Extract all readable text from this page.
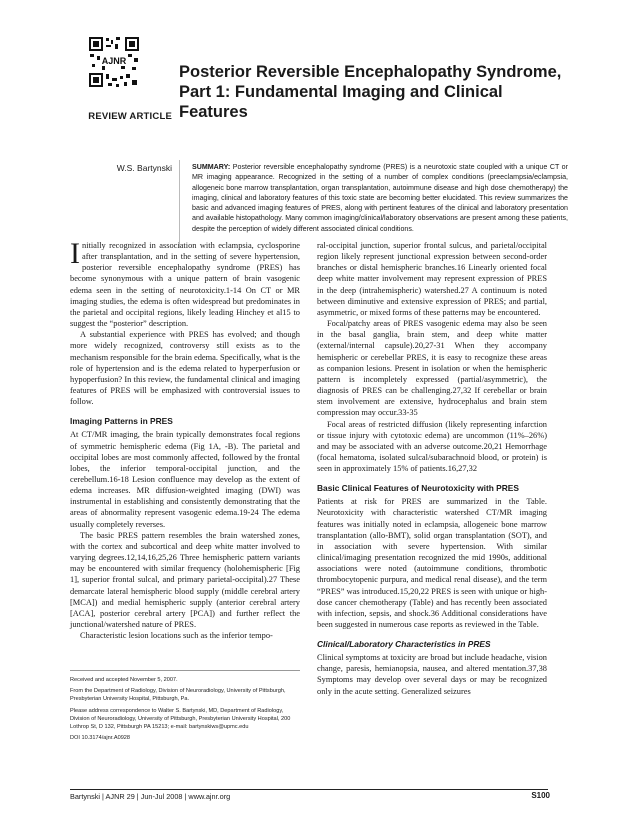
AJNR
REVIEW ARTICLE
W.S. Bartynski
Posterior Reversible Encephalopathy Syndrome, Part 1: Fundamental Imaging and Clinical Features

SUMMARY: Posterior reversible encephalopathy syndrome (PRES) is a neurotoxic state coupled with a unique CT or MR imaging appearance. Recognized in the setting of a number of complex conditions (preeclampsia/eclampsia, allogeneic bone marrow transplantation, organ transplantation, autoimmune disease and high dose chemotherapy) the imaging, clinical and laboratory features of this toxic state are becoming better elucidated. This review summarizes the basic and advanced imaging features of PRES, along with pertinent features of the clinical and laboratory presentation and available histopathology. Many common imaging/clinical/laboratory observations are present among these patients, despite the perception of widely different associated clinical conditions.

Initially recognized in association with eclampsia, cyclosporine after transplantation, and in the setting of severe hypertension, posterior reversible encephalopathy syndrome (PRES) has become synonymous with a unique pattern of brain vasogenic edema seen in the setting of neurotoxicity.1-14 On CT or MR imaging studies, the edema is often widespread but predominates in the parietal and occipital regions, likely leading Hinchey et al15 to suggest the “posterior” description.

A substantial experience with PRES has evolved; and though more widely recognized, controversy still exists as to the mechanism responsible for the brain edema. Specifically, what is the role of hypertension and is the edema related to hyperperfusion or hypoperfusion? In this review, the fundamental clinical and imaging features of PRES will be emphasized with controversial issues to follow.

Imaging Patterns in PRES

At CT/MR imaging, the brain typically demonstrates focal regions of symmetric hemispheric edema (Fig 1A, -B). The parietal and occipital lobes are most commonly affected, followed by the frontal lobes, the inferior temporal-occipital junction, and the cerebellum.16-18 Lesion confluence may develop as the extent of edema increases. MR diffusion-weighted imaging (DWI) was instrumental in establishing and consistently demonstrating that the areas of abnormality represent vasogenic edema.19-24 The edema usually completely reverses.

The basic PRES pattern resembles the brain watershed zones, with the cortex and subcortical and deep white matter involved to varying degrees.12,14,16,25,26 Three hemispheric pattern variants may be encountered with similar frequency (holohemispheric [Fig 1], superior frontal sulcal, and primary parietal-occipital).27 These demarcate lateral hemispheric blood supply (middle cerebral artery [MCA]) and medial hemispheric supply (anterior cerebral artery [ACA], posterior cerebral artery [PCA]) and further reflect the junctional/watershed nature of PRES.

Characteristic lesion locations such as the inferior tempo-

Received and accepted November 5, 2007.

From the Department of Radiology, Division of Neuroradiology, University of Pittsburgh, Presbyterian University Hospital, Pittsburgh, Pa.

Please address correspondence to Walter S. Bartynski, MD, Department of Radiology, Division of Neuroradiology, University of Pittsburgh, Presbyterian University Hospital, 200 Lothrop St, D 132, Pittsburgh PA 15213; e-mail: bartynskiws@upmc.edu

DOI 10.3174/ajnr.A0928

ral-occipital junction, superior frontal sulcus, and parietal/occipital region likely represent junctional expression between second-order branches or distal hemispheric branches.16 Linearly oriented focal deep white matter involvement may represent expression of PRES in the deep (intrahemispheric) watershed.27 A continuum is noted between diminutive and extensive expression of PRES; and partial, asymmetric, or mixed forms of these patterns may be encountered.

Focal/patchy areas of PRES vasogenic edema may also be seen in the basal ganglia, brain stem, and deep white matter (external/internal capsule).20,27-31 When they accompany hemispheric or cerebellar PRES, it is easy to recognize these areas as companion lesions. Present in isolation or when the hemispheric pattern is incompletely expressed (partial/asymmetric), the diagnosis of PRES can be challenging.27,32 If cerebellar or brain stem involvement are extensive, hydrocephalus and brain stem compression may occur.33-35

Focal areas of restricted diffusion (likely representing infarction or tissue injury with cytotoxic edema) are uncommon (11%–26%) and may be associated with an adverse outcome.20,21 Hemorrhage (focal hematoma, isolated sulcal/subarachnoid blood, or protein) is seen in approximately 15% of patients.16,27,32

Basic Clinical Features of Neurotoxicity with PRES

Patients at risk for PRES are summarized in the Table. Neurotoxicity with characteristic watershed CT/MR imaging features was initially noted in eclampsia, allogeneic bone marrow transplantation (allo-BMT), solid organ transplantation (SOT), and in association with severe hypertension. With similar clinical/imaging presentation recognized the mid 1990s, additional associations were noted (autoimmune conditions, thrombotic thrombocytopenic purpura, and medical renal disease), and the term “PRES” was introduced.15,20,22 PRES is seen with unique or high-dose cancer chemotherapy (Table) and has recently been associated with infection, sepsis, and shock.36 Additional considerations have been suggested in numerous case reports as reviewed in the Table.

Clinical/Laboratory Characteristics in PRES

Clinical symptoms at toxicity are broad but include headache, vision change, paresis, hemianopsia, nausea, and altered mentation.37,38 Symptoms may develop over several days or may be recognized only in the acute setting. Generalized seizures

Bartynski | AJNR 29 | Jun-Jul 2008 | www.ajnr.org	S100
